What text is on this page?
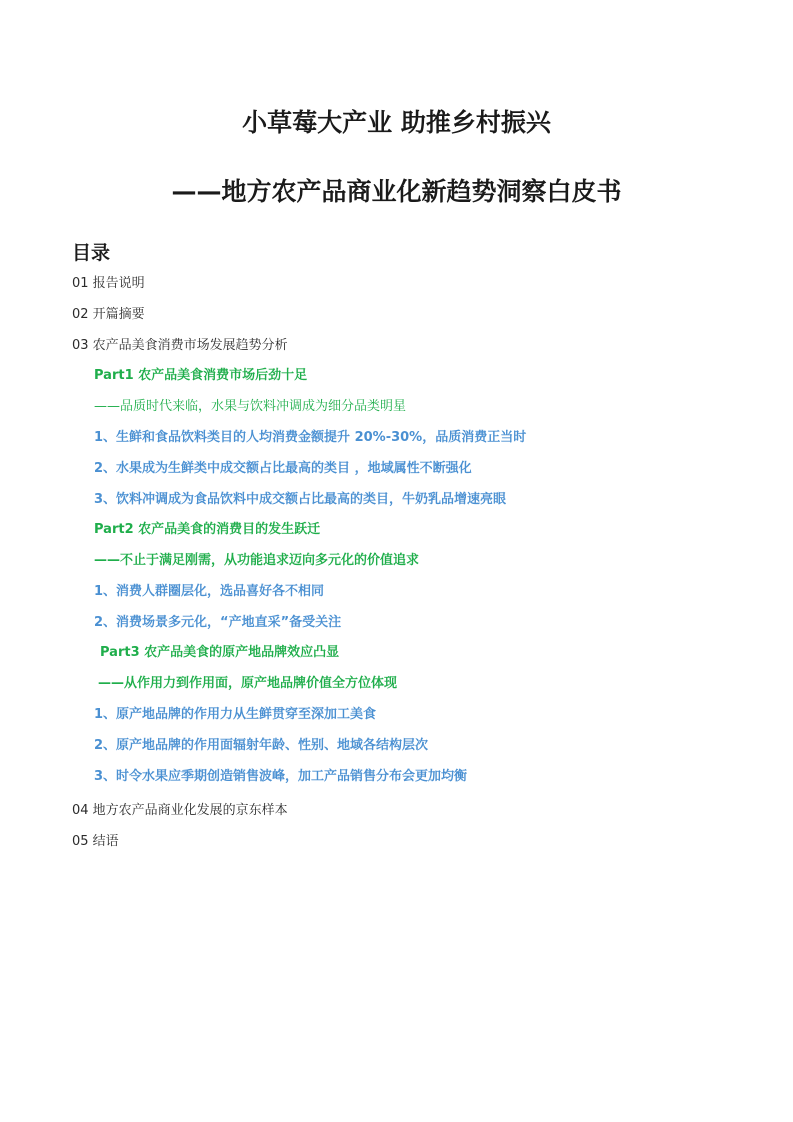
小草莓大产业 助推乡村振兴
——地方农产品商业化新趋势洞察白皮书
目录
01 报告说明
02 开篇摘要
03 农产品美食消费市场发展趋势分析
Part1 农产品美食消费市场后劲十足
——品质时代来临，水果与饮料冲调成为细分品类明星
1、生鲜和食品饮料类目的人均消费金额提升 20%-30%，品质消费正当时
2、水果成为生鲜类中成交额占比最高的类目 ，地域属性不断强化
3、饮料冲调成为食品饮料中成交额占比最高的类目，牛奶乳品增速亮眼
Part2 农产品美食的消费目的发生跃迁
——不止于满足刚需，从功能追求迈向多元化的价值追求
1、消费人群圈层化，选品喜好各不相同
2、消费场景多元化，“产地直采”备受关注
Part3 农产品美食的原产地品牌效应凸显
——从作用力到作用面，原产地品牌价值全方位体现
1、原产地品牌的作用力从生鲜贯穿至深加工美食
2、原产地品牌的作用面辐射年龄、性别、地域各结构层次
3、时令水果应季期创造销售波峰，加工产品销售分布会更加均衡
04 地方农产品商业化发展的京东样本
05 结语
